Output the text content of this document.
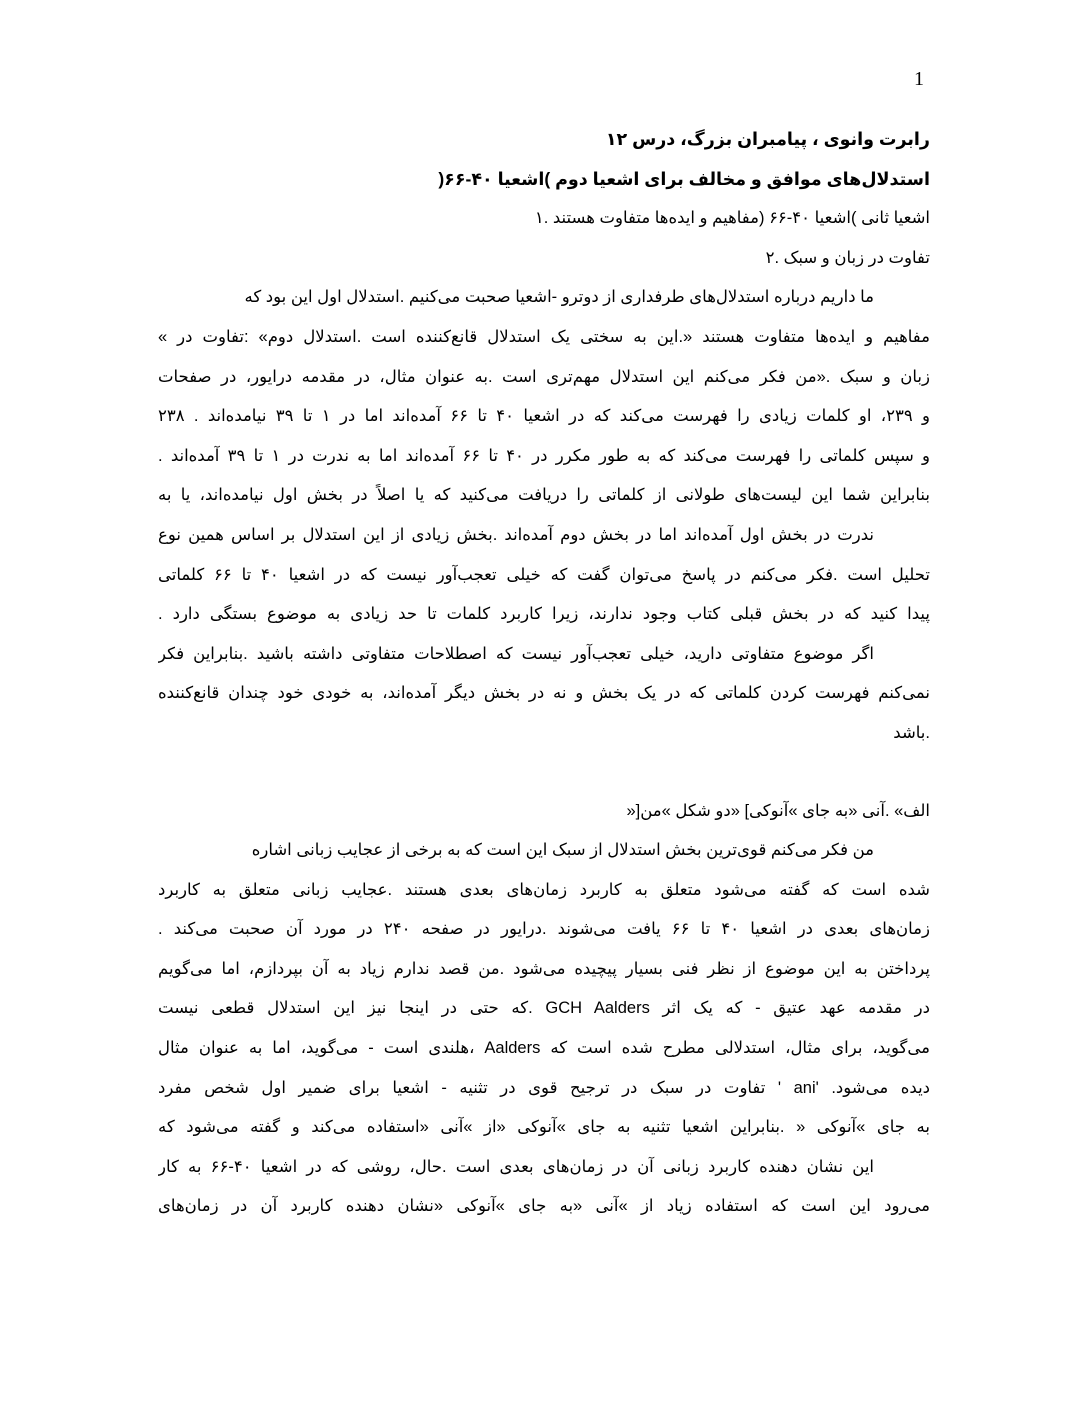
1
رابرت وانوی ، پیامبران بزرگ، درس ۱۲
استدلال‌های موافق و مخالف برای اشعیا دوم )اشعیا ۴۰-۶۶(
اشعیا ثانی )اشعیا ۴۰-۶۶ (مفاهیم و ایده‌ها متفاوت هستند .۱
تفاوت در زبان و سبک .۲
ما داریم درباره استدلال‌های طرفداری از دوترو -اشعیا صحبت می‌کنیم .استدلال اول این بود که
مفاهیم و ایده‌ها متفاوت هستند «.این به سختی یک استدلال قانع‌کننده است .استدلال دوم» :تفاوت در »
زبان و سبک .«من فکر می‌کنم این استدلال مهم‌تری است .به عنوان مثال، در مقدمه درایور، در صفحات
و ۲۳۹، او کلمات زیادی را فهرست می‌کند که در اشعیا ۴۰ تا ۶۶ آمده‌اند اما در ۱ تا ۳۹ نیامده‌اند . ۲۳۸
و سپس کلماتی را فهرست می‌کند که به طور مکرر در ۴۰ تا ۶۶ آمده‌اند اما به ندرت در ۱ تا ۳۹ آمده‌اند .
بنابراین شما این لیست‌های طولانی از کلماتی را دریافت می‌کنید که یا اصلاً در بخش اول نیامده‌اند، یا به
ندرت در بخش اول آمده‌اند اما در بخش دوم آمده‌اند .بخش زیادی از این استدلال بر اساس همین نوع
تحلیل است .فکر می‌کنم در پاسخ می‌توان گفت که خیلی تعجب‌آور نیست که در اشعیا ۴۰ تا ۶۶ کلماتی
پیدا کنید که در بخش قبلی کتاب وجود ندارند، زیرا کاربرد کلمات تا حد زیادی به موضوع بستگی دارد .
اگر موضوع متفاوتی دارید، خیلی تعجب‌آور نیست که اصطلاحات متفاوتی داشته باشید .بنابراین فکر
نمی‌کنم فهرست کردن کلماتی که در یک بخش و نه در بخش دیگر آمده‌اند، به خودی خود چندان قانع‌کننده
.باشد
الف» .آنی «به جای »آنوکی] «دو شکل »من[«
من فکر می‌کنم قوی‌ترین بخش استدلال از سبک این است که به برخی از عجایب زبانی اشاره
شده است که گفته می‌شود متعلق به کاربرد زمان‌های بعدی هستند .عجایب زبانی متعلق به کاربرد
زمان‌های بعدی در اشعیا ۴۰ تا ۶۶ یافت می‌شوند .درایور در صفحه ۲۴۰ در مورد آن صحبت می‌کند .
پرداختن به این موضوع از نظر فنی بسیار پیچیده می‌شود .من قصد ندارم زیاد به آن بپردازم، اما می‌گویم
در مقدمه عهد عتیق - که یک اثر GCH Aalders .که حتی در اینجا نیز این استدلال قطعی نیست
می‌گوید، برای مثال، استدلالی مطرح شده است که Aalders ،هلندی است - می‌گوید، اما به عنوان مثال
دیده می‌شود. 'ani ' تفاوت در سبک در ترجیح قوی در تثنیه - اشعیا برای ضمیر اول شخص مفرد
به جای »آنوکی « .بنابراین اشعیا تثنیه به جای »آنوکی «از »آنی «استفاده می‌کند و گفته می‌شود که
این نشان دهنده کاربرد زبانی آن در زمان‌های بعدی است .حال، روشی که در اشعیا ۴۰-۶۶ به کار
می‌رود این است که استفاده زیاد از »آنی «به جای »آنوکی «نشان دهنده کاربرد آن در زمان‌های
